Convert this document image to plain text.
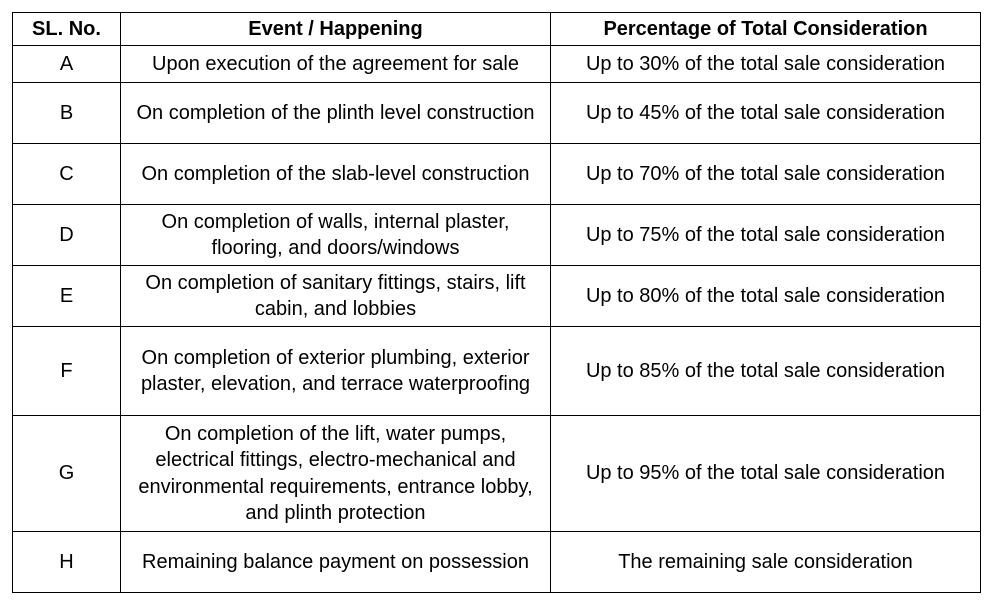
SL. No.	Event / Happening	Percentage of Total Consideration
A	Upon execution of the agreement for sale	Up to 30% of the total sale consideration
B	On completion of the plinth level construction	Up to 45% of the total sale consideration
C	On completion of the slab-level construction	Up to 70% of the total sale consideration
D	On completion of walls, internal plaster, flooring, and doors/windows	Up to 75% of the total sale consideration
E	On completion of sanitary fittings, stairs, lift cabin, and lobbies	Up to 80% of the total sale consideration
F	On completion of exterior plumbing, exterior plaster, elevation, and terrace waterproofing	Up to 85% of the total sale consideration
G	On completion of the lift, water pumps, electrical fittings, electro-mechanical and environmental requirements, entrance lobby, and plinth protection	Up to 95% of the total sale consideration
H	Remaining balance payment on possession	The remaining sale consideration
